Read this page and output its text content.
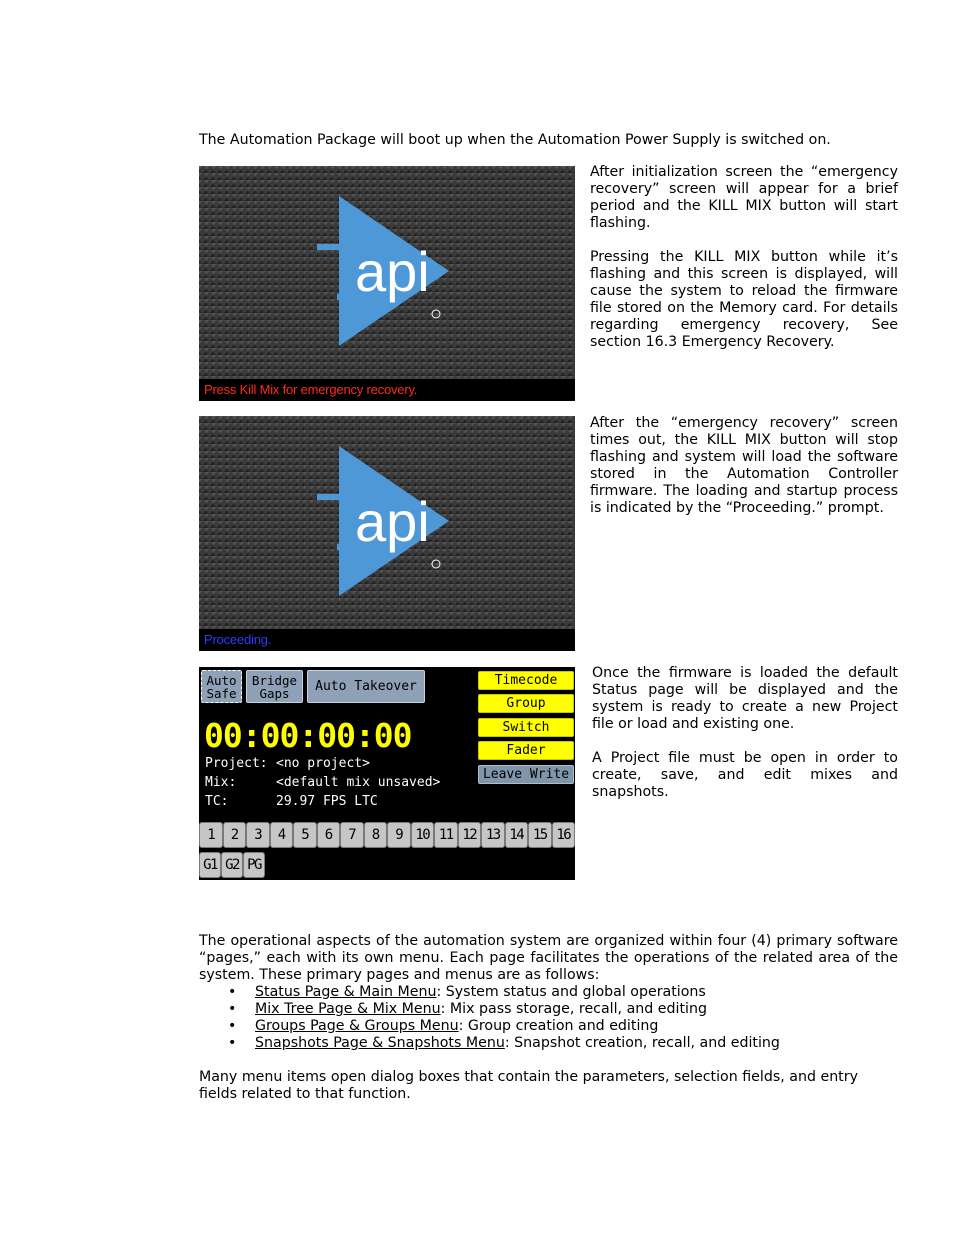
The Automation Package will boot up when the Automation Power Supply is switched on.

api
Press Kill Mix for emergency recovery.

After initialization screen the “emergency recovery” screen will appear for a brief period and the KILL MIX button will start flashing.

Pressing the KILL MIX button while it’s flashing and this screen is displayed, will cause the system to reload the firmware file stored on the Memory card. For details regarding emergency recovery, See section 16.3 Emergency Recovery.

api
Proceeding.

After the “emergency recovery” screen times out, the KILL MIX button will stop flashing and system will load the software stored in the Automation Controller firmware. The loading and startup process is indicated by the “Proceeding.” prompt.

Auto
Safe
Bridge
Gaps	Auto Takeover	Timecode
Group
Switch
Fader
Leave Write
00:00:00:00
Project: <no project>
Mix:	<default mix unsaved>
TC:	29.97 FPS LTC
1	2	3	4	5	6	7	8	9 10 11 12 13 14 15 16
G1 G2 PG

Once the firmware is loaded the default Status page will be displayed and the system is ready to create a new Project file or load and existing one.

A Project file must be open in order to create, save, and edit mixes and snapshots.

The operational aspects of the automation system are organized within four (4) primary software “pages,” each with its own menu. Each page facilitates the operations of the related area of the system. These primary pages and menus are as follows:

• Status Page & Main Menu: System status and global operations
• Mix Tree Page & Mix Menu: Mix pass storage, recall, and editing
• Groups Page & Groups Menu: Group creation and editing
• Snapshots Page & Snapshots Menu: Snapshot creation, recall, and editing

Many menu items open dialog boxes that contain the parameters, selection fields, and entry fields related to that function.
